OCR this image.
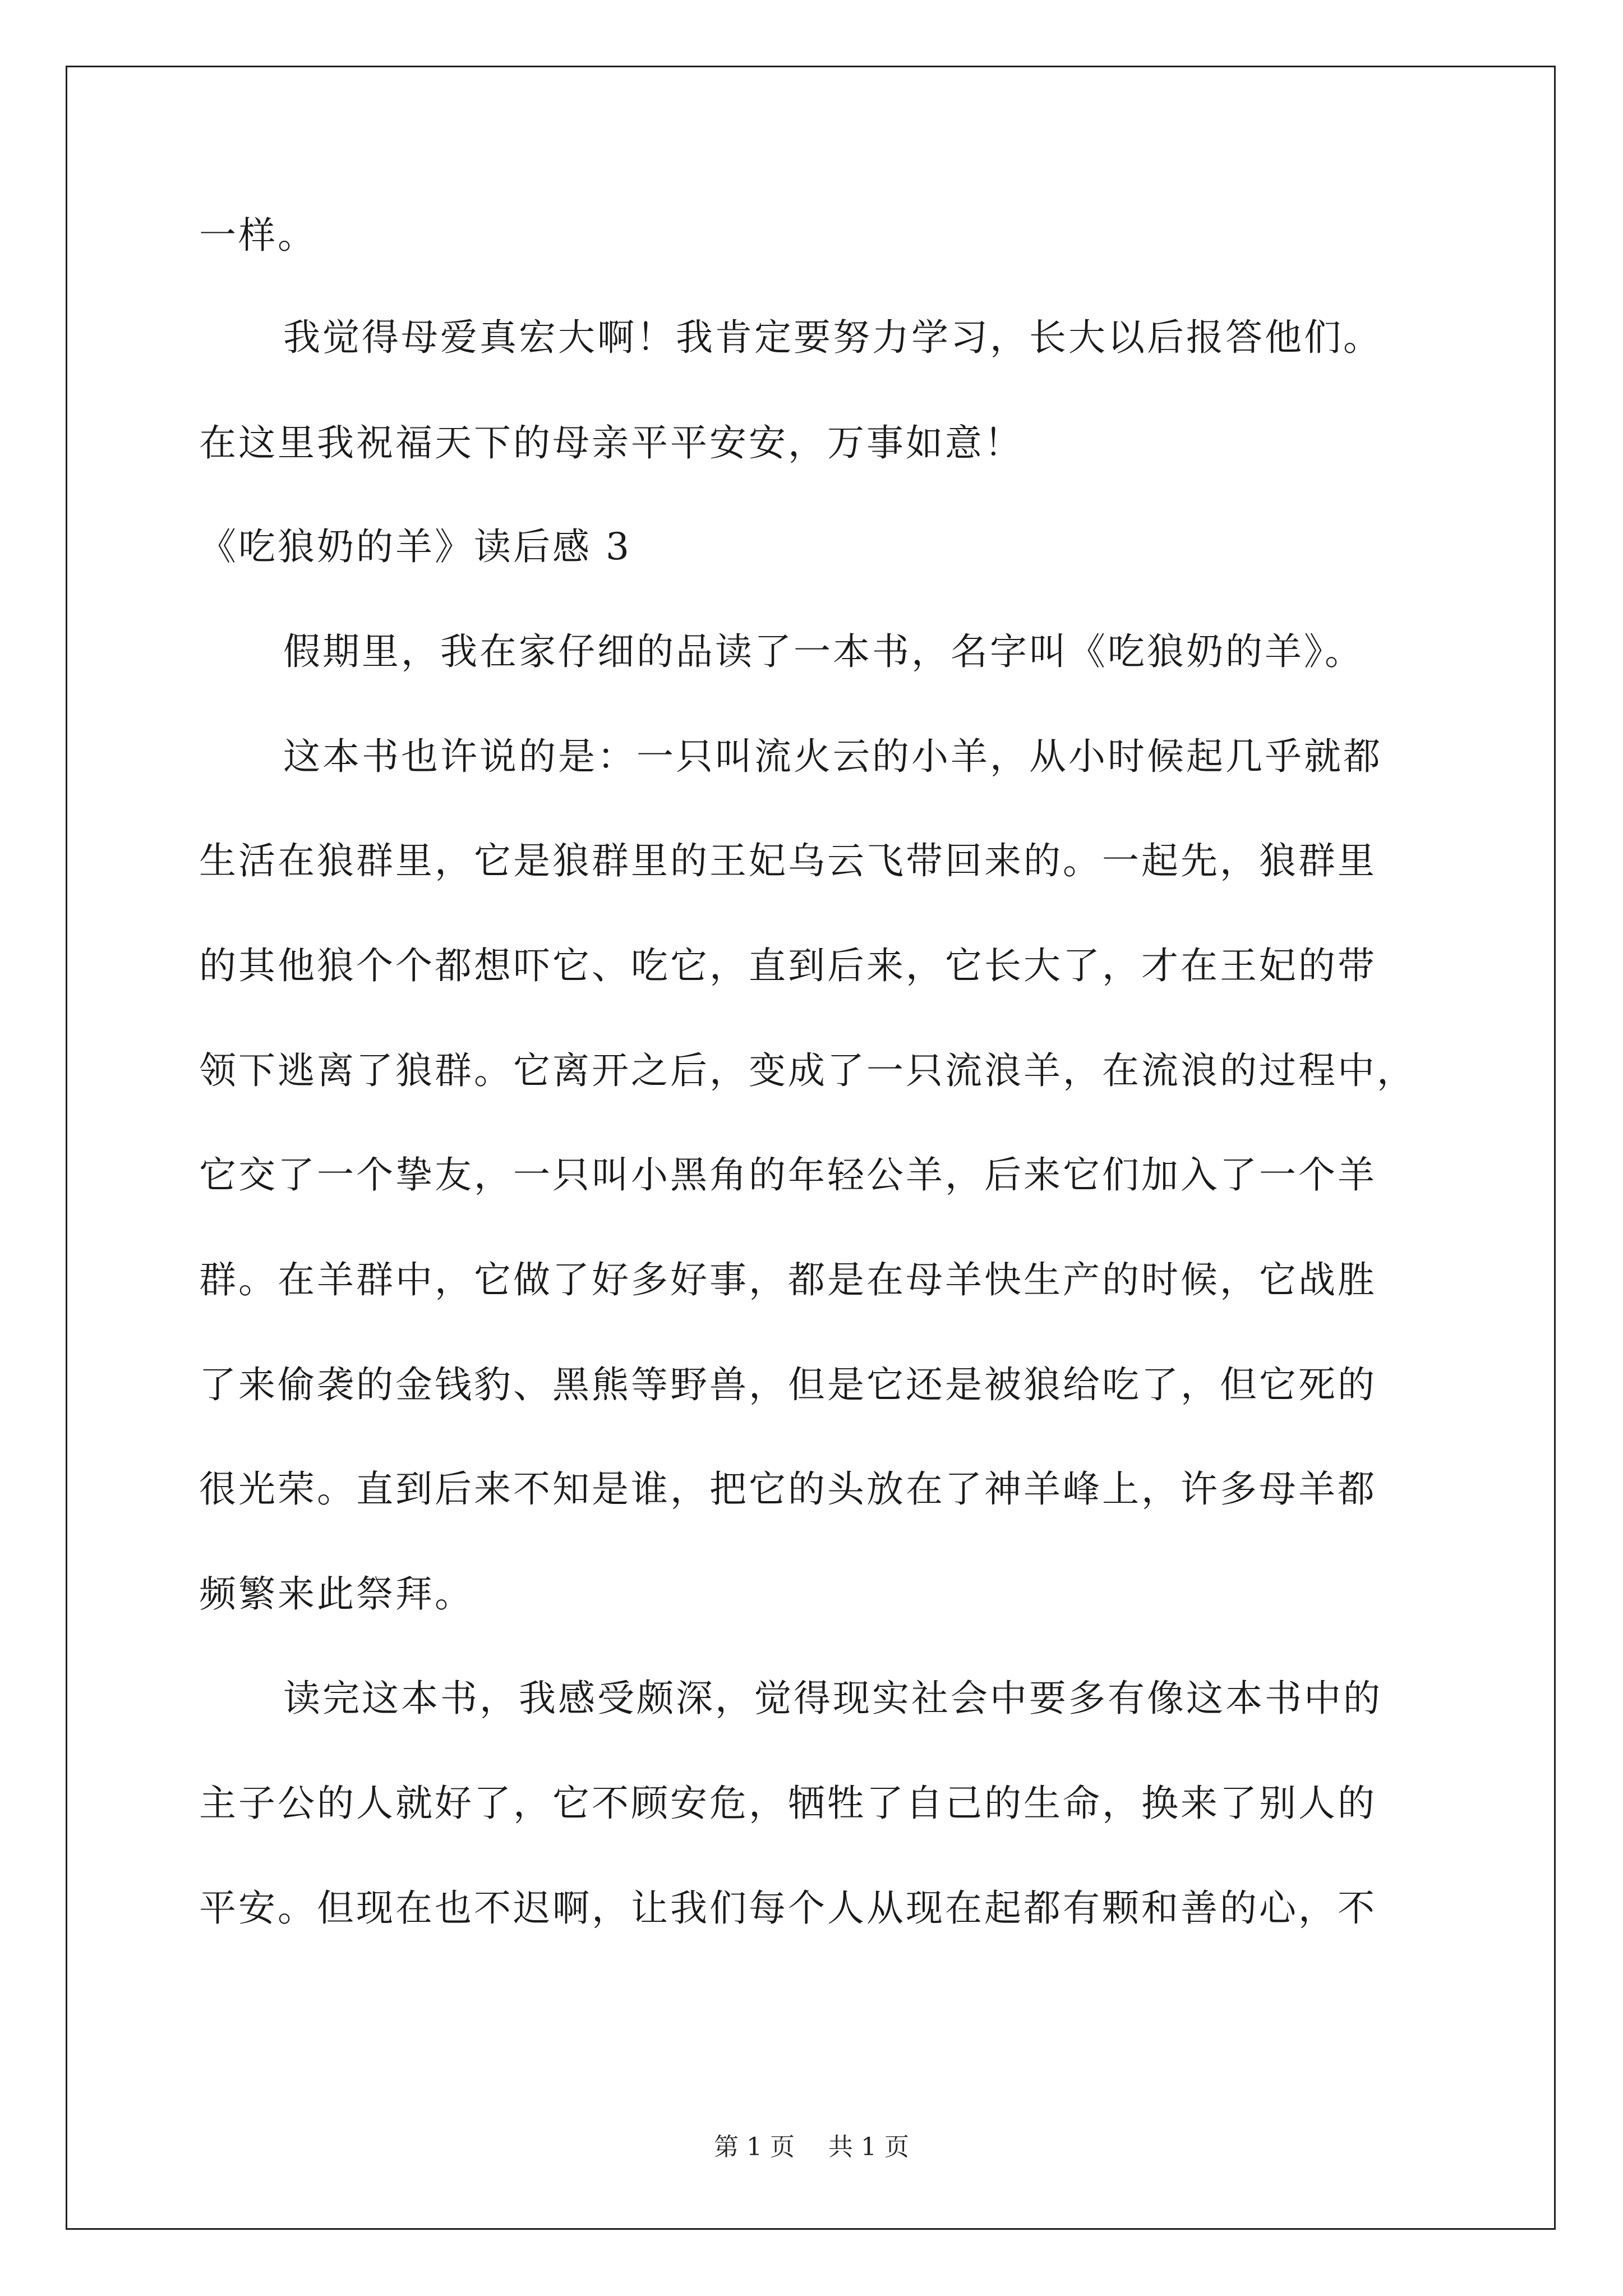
一样。
我觉得母爱真宏大啊！我肯定要努力学习，长大以后报答他们。
在这里我祝福天下的母亲平平安安，万事如意！
《吃狼奶的羊》读后感 3
假期里，我在家仔细的品读了一本书，名字叫《吃狼奶的羊》。
这本书也许说的是：一只叫流火云的小羊，从小时候起几乎就都
生活在狼群里，它是狼群里的王妃乌云飞带回来的。一起先，狼群里
的其他狼个个都想吓它、吃它，直到后来，它长大了，才在王妃的带
领下逃离了狼群。它离开之后，变成了一只流浪羊，在流浪的过程中，
它交了一个挚友，一只叫小黑角的年轻公羊，后来它们加入了一个羊
群。在羊群中，它做了好多好事，都是在母羊快生产的时候，它战胜
了来偷袭的金钱豹、黑熊等野兽，但是它还是被狼给吃了，但它死的
很光荣。直到后来不知是谁，把它的头放在了神羊峰上，许多母羊都
频繁来此祭拜。
读完这本书，我感受颇深，觉得现实社会中要多有像这本书中的
主子公的人就好了，它不顾安危，牺牲了自己的生命，换来了别人的
平安。但现在也不迟啊，让我们每个人从现在起都有颗和善的心，不
第 1 页 共 1 页
